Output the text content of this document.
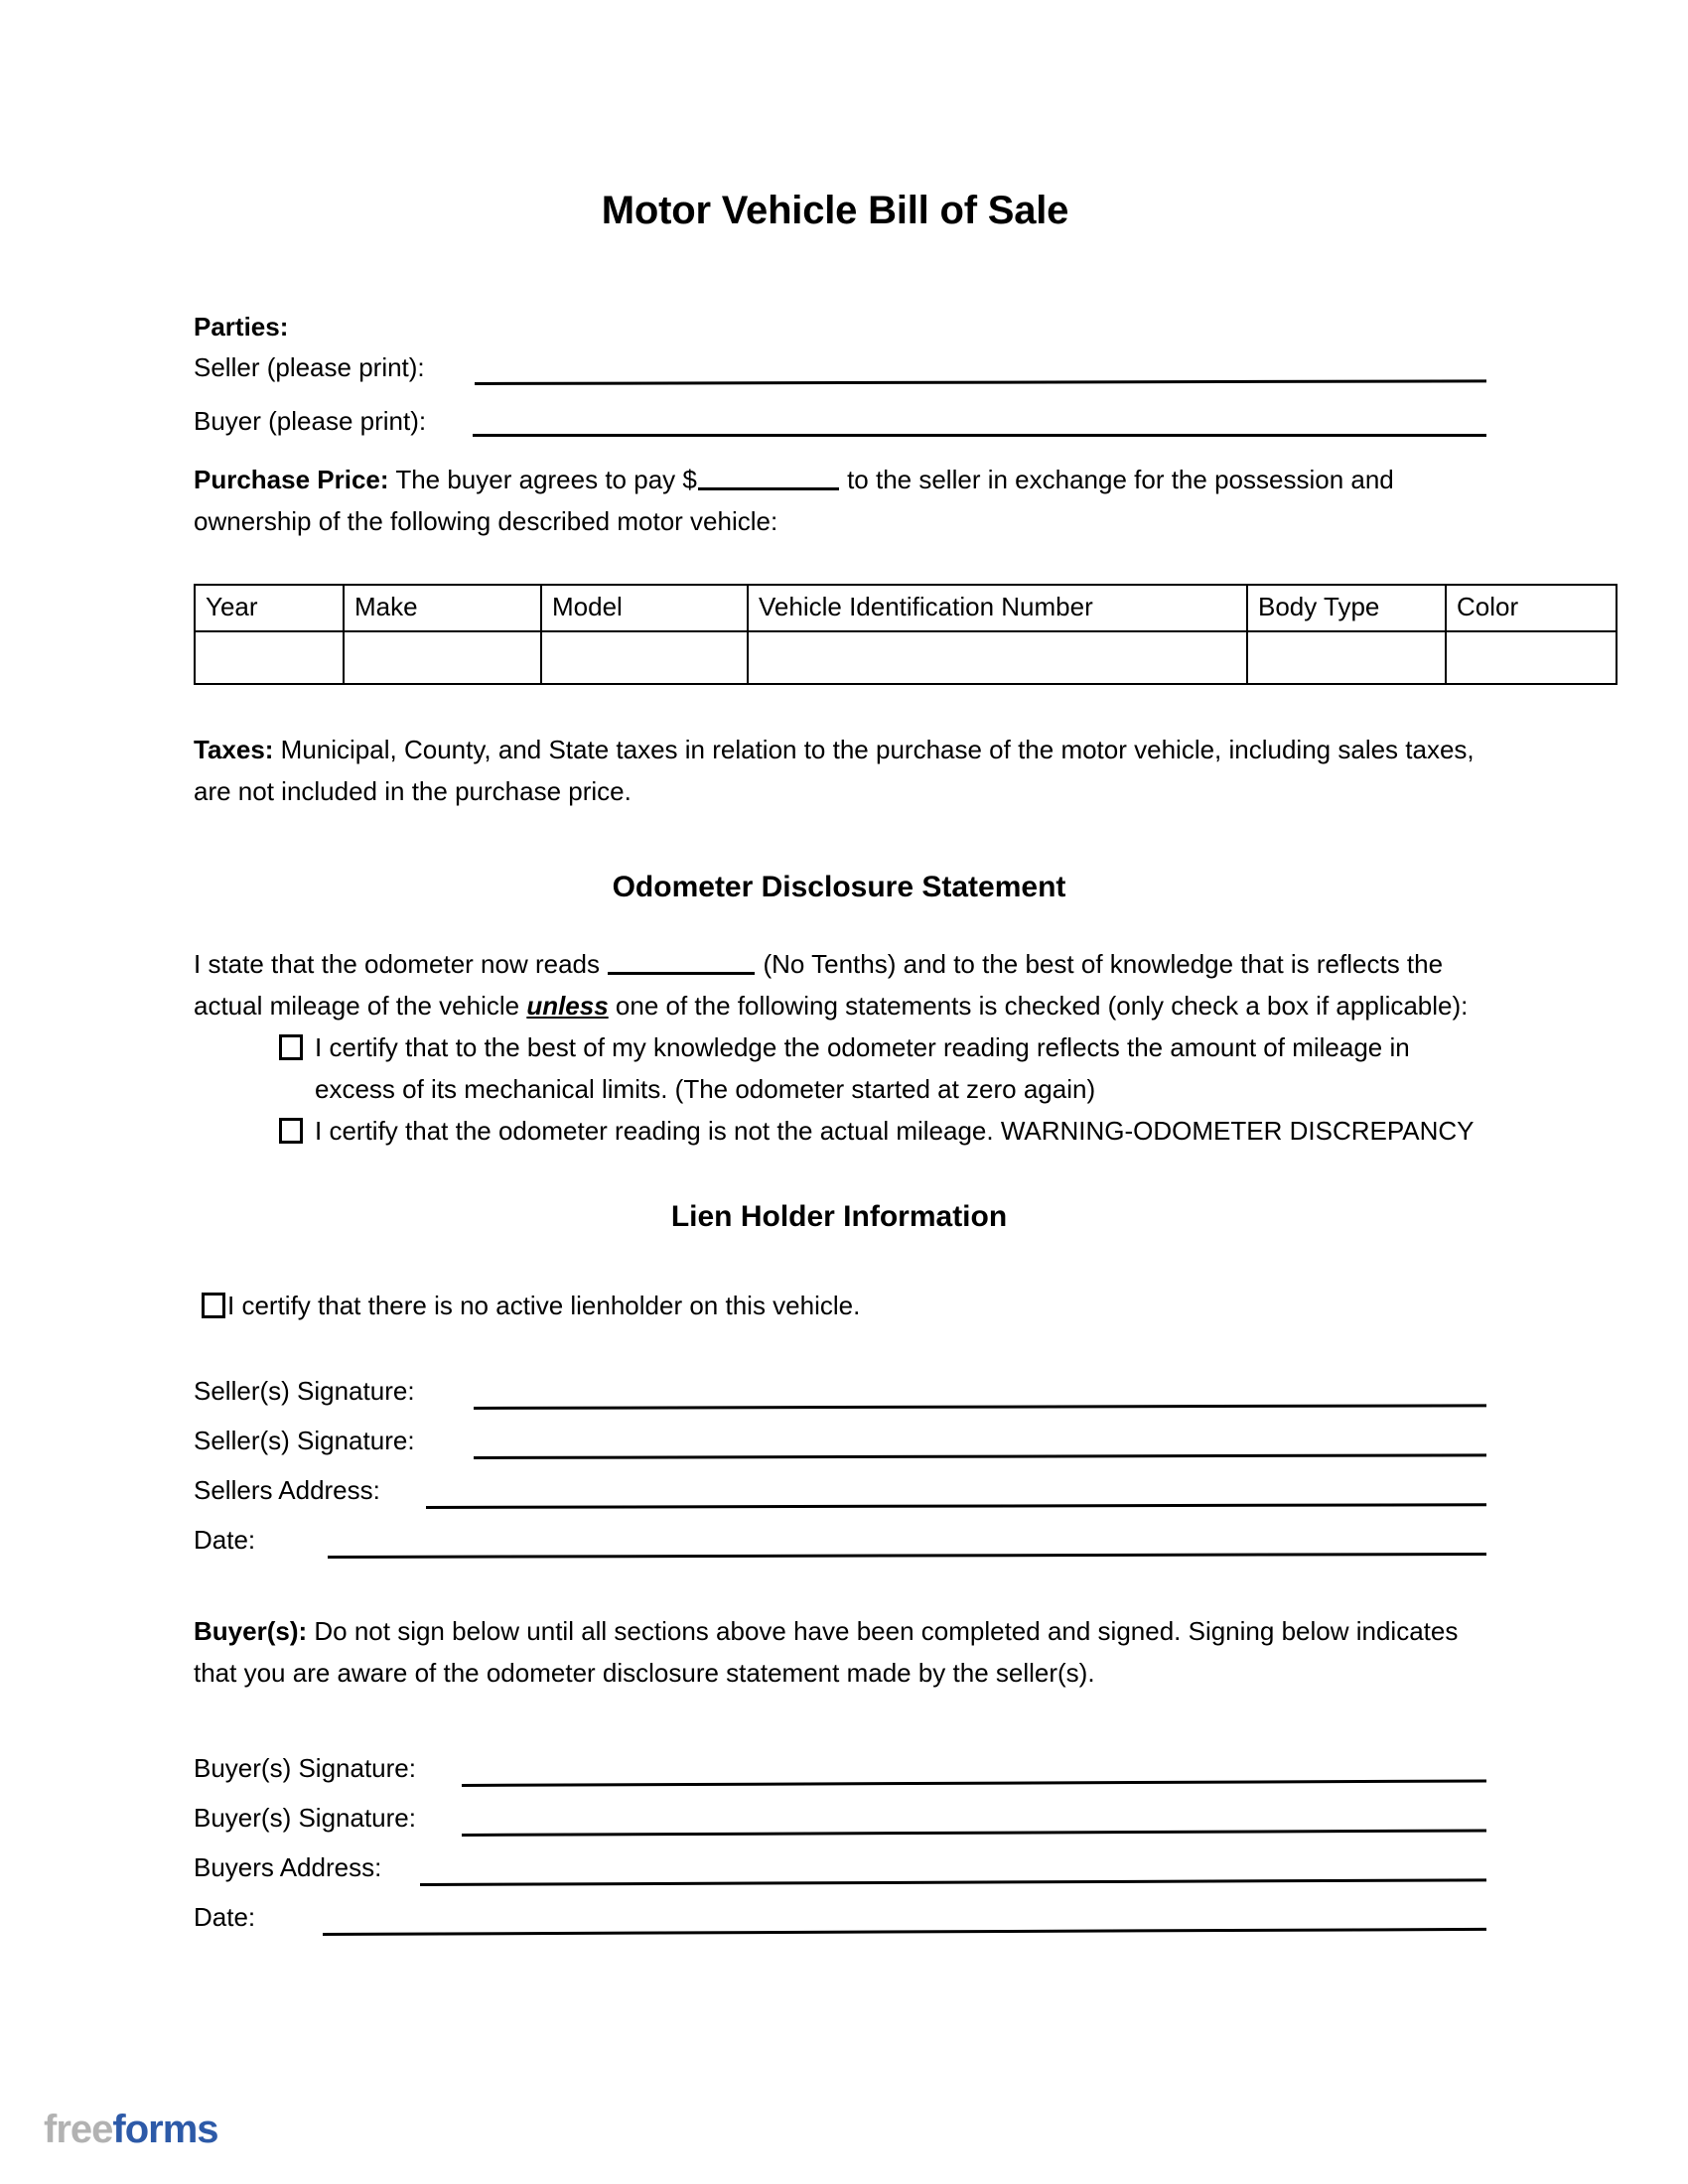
Motor Vehicle Bill of Sale
Parties:
Seller (please print):
Buyer (please print):

Purchase Price: The buyer agrees to pay $	to the seller in exchange for the possession and ownership of the following described motor vehicle:

Year	Make	Model	Vehicle Identification Number	Body Type	Color

Taxes: Municipal, County, and State taxes in relation to the purchase of the motor vehicle, including sales taxes, are not included in the purchase price.

Odometer Disclosure Statement

I state that the odometer now reads	(No Tenths) and to the best of knowledge that is reflects the actual mileage of the vehicle unless one of the following statements is checked (only check a box if applicable):

I certify that to the best of my knowledge the odometer reading reflects the amount of mileage in excess of its mechanical limits. (The odometer started at zero again)
I certify that the odometer reading is not the actual mileage. WARNING-ODOMETER DISCREPANCY
Lien Holder Information
I certify that there is no active lienholder on this vehicle.
Seller(s) Signature:
Seller(s) Signature:
Sellers Address:
Date:

Buyer(s): Do not sign below until all sections above have been completed and signed. Signing below indicates that you are aware of the odometer disclosure statement made by the seller(s).

Buyer(s) Signature:
Buyer(s) Signature:
Buyers Address:
Date:
freeforms
